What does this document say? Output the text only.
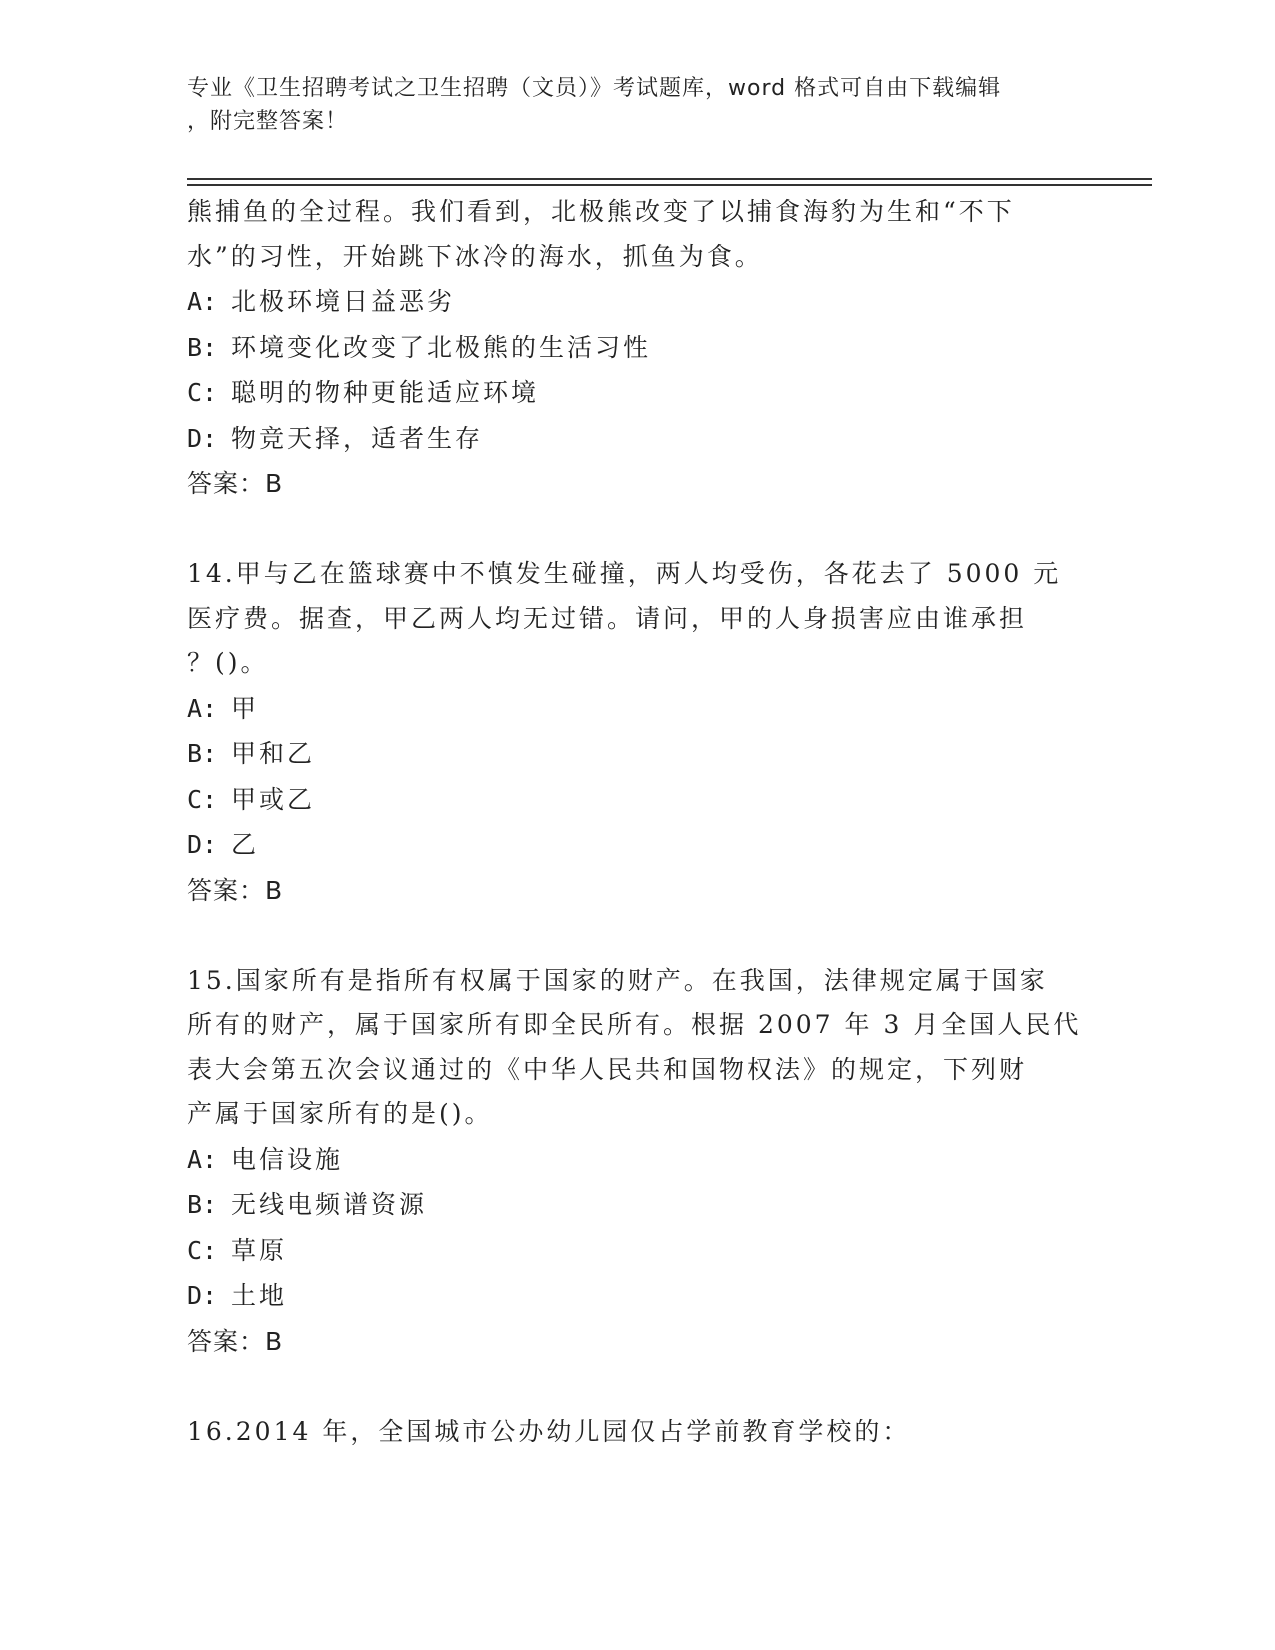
专业《卫生招聘考试之卫生招聘（文员）》考试题库，word 格式可自由下载编辑
，附完整答案！

熊捕鱼的全过程。我们看到，北极熊改变了以捕食海豹为生和“不下

水”的习性，开始跳下冰冷的海水，抓鱼为食。

A: 北极环境日益恶劣

B: 环境变化改变了北极熊的生活习性

C: 聪明的物种更能适应环境

D: 物竞天择，适者生存

答案：B

14.甲与乙在篮球赛中不慎发生碰撞，两人均受伤，各花去了 5000 元

医疗费。据查，甲乙两人均无过错。请问，甲的人身损害应由谁承担

？()。

A: 甲

B: 甲和乙

C: 甲或乙

D: 乙

答案：B

15.国家所有是指所有权属于国家的财产。在我国，法律规定属于国家

所有的财产，属于国家所有即全民所有。根据 2007 年 3 月全国人民代

表大会第五次会议通过的《中华人民共和国物权法》的规定，下列财

产属于国家所有的是()。

A: 电信设施

B: 无线电频谱资源

C: 草原

D: 土地

答案：B

16.2014 年，全国城市公办幼儿园仅占学前教育学校的：
